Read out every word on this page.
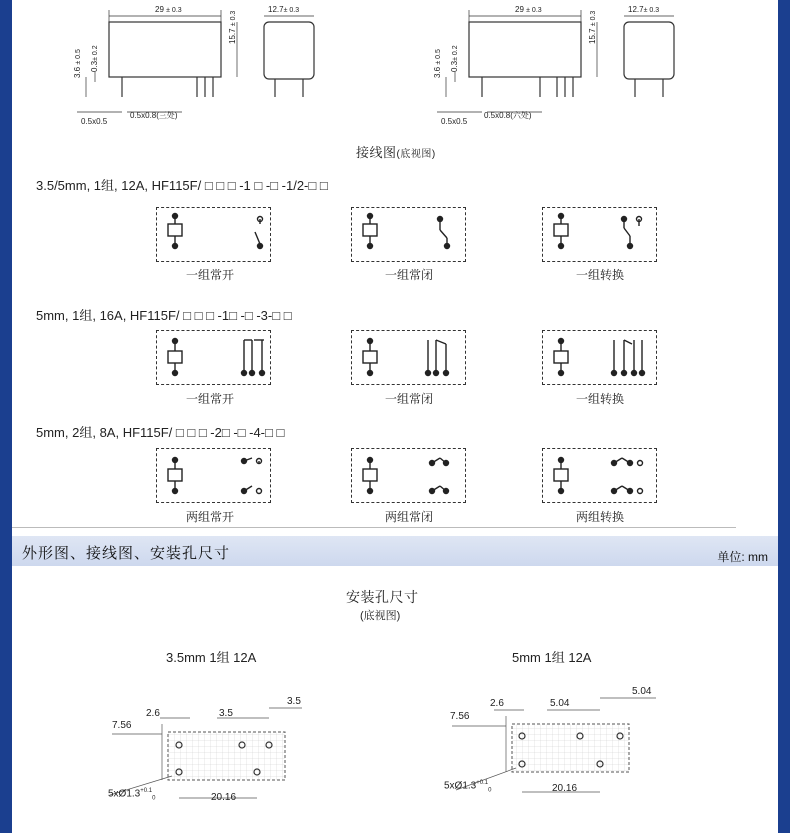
29 ± 0.3	12.7± 0.3
15.7 ± 0.3
3.6 ± 0.5
0.3± 0.2
0.5x0.5
0.5x0.8(三处)
29 ± 0.3	12.7± 0.3
15.7 ± 0.3
3.6 ± 0.5
0.3± 0.2
0.5x0.5
0.5x0.8(六处)
接线图(底视图)
3.5/5mm, 1组, 12A, HF115F/ □ □ □ -1 □ -□ -1/2-□ □
一组常开	一组常闭	一组转换
5mm, 1组, 16A, HF115F/ □ □ □ -1□ -□ -3-□ □
一组常开	一组常闭	一组转换
5mm, 2组, 8A, HF115F/ □ □ □ -2□ -□ -4-□ □
两组常开	两组常闭	两组转换
外形图、接线图、安装孔尺寸	单位: mm
安装孔尺寸
(底视图)
3.5mm 1组 12A	5mm 1组 12A
2.6	3.5
3.5
7.56
$5xØ1.3^{+0.1}_0$	20.16
2.6	5.04
5.04
7.56
$5xØ1.3^{+0.1}_0$	20.16
